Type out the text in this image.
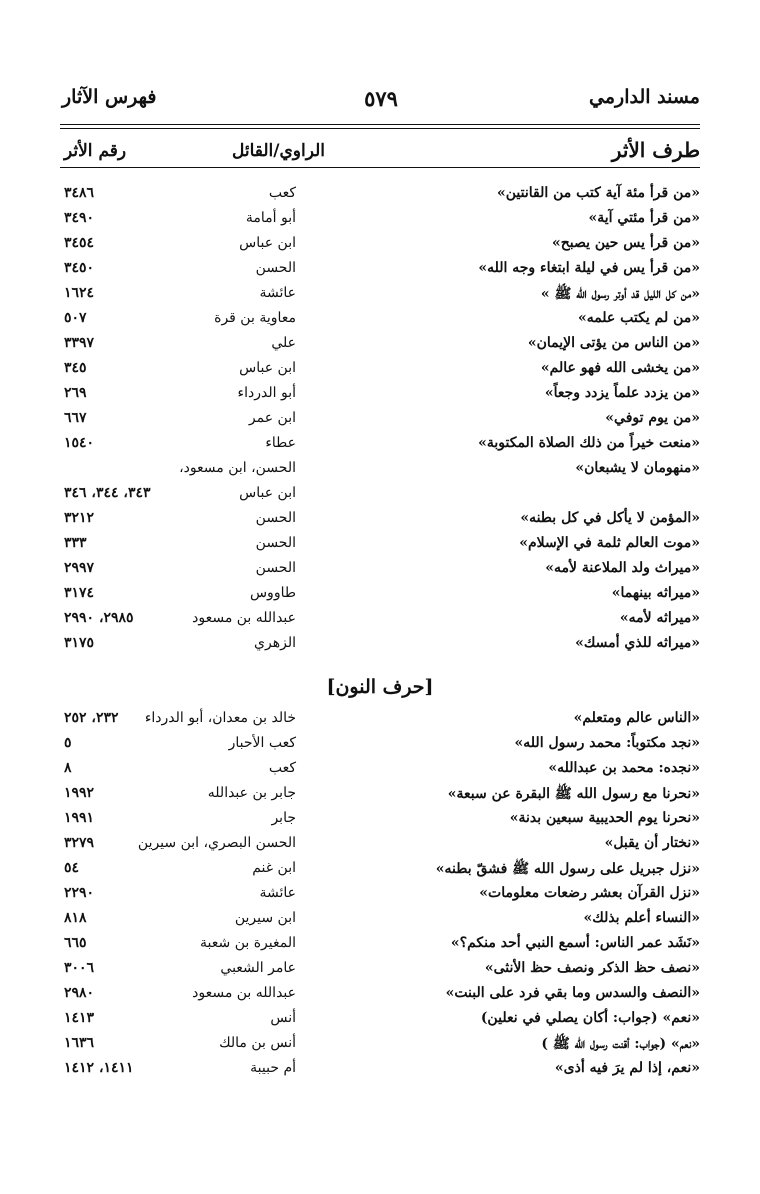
مسند الدارمي
٥٧٩
فهرس الآثار
طرف الأثر
الراوي/القائل
رقم الأثر
«من قرأ مئة آية كتب من القانتين»
كعب
٣٤٨٦
«من قرأ مئتي آية»
أبو أمامة
٣٤٩٠
«من قرأ يس حين يصبح»
ابن عباس
٣٤٥٤
«من قرأ يس في ليلة ابتغاء وجه الله»
الحسن
٣٤٥٠
«من كل الليل قد أوتر رسول الله ﷺ »
عائشة
١٦٢٤
«من لم يكتب علمه»
معاوية بن قرة
٥٠٧
«من الناس من يؤتى الإيمان»
علي
٣٣٩٧
«من يخشى الله فهو عالم»
ابن عباس
٣٤٥
«من يزدد علماً يزدد وجعاً»
أبو الدرداء
٢٦٩
«من يوم توفي»
ابن عمر
٦٦٧
«منعت خيراً من ذلك الصلاة المكتوبة»
عطاء
١٥٤٠
«منهومان لا يشبعان»
الحسن، ابن مسعود،
ابن عباس
٣٤٣، ٣٤٤، ٣٤٦
«المؤمن لا يأكل في كل بطنه»
الحسن
٣٢١٢
«موت العالم ثلمة في الإسلام»
الحسن
٣٣٣
«ميراث ولد الملاعنة لأمه»
الحسن
٢٩٩٧
«ميراثه بينهما»
طاووس
٣١٧٤
«ميراثه لأمه»
عبدالله بن مسعود
٢٩٨٥، ٢٩٩٠
«ميراثه للذي أمسك»
الزهري
٣١٧٥
[حرف النون]
«الناس عالم ومتعلم»
خالد بن معدان، أبو الدرداء
٢٣٢، ٢٥٢
«نجد مكتوباً: محمد رسول الله»
كعب الأحبار
٥
«نجده: محمد بن عبدالله»
كعب
٨
«نحرنا مع رسول الله ﷺ البقرة عن سبعة»
جابر بن عبدالله
١٩٩٢
«نحرنا يوم الحديبية سبعين بدنة»
جابر
١٩٩١
«نختار أن يقبل»
الحسن البصري، ابن سيرين
٣٢٧٩
«نزل جبريل على رسول الله ﷺ فشقّ بطنه»
ابن غنم
٥٤
«نزل القرآن بعشر رضعات معلومات»
عائشة
٢٢٩٠
«النساء أعلم بذلك»
ابن سيرين
٨١٨
«نَشَد عمر الناس: أسمع النبي أحد منكم؟»
المغيرة بن شعبة
٦٦٥
«نصف حظ الذكر ونصف حظ الأنثى»
عامر الشعبي
٣٠٠٦
«النصف والسدس وما بقي فرد على البنت»
عبدالله بن مسعود
٢٩٨٠
«نعم» (جواب: أكان يصلي في نعلين)
أنس
١٤١٣
«نعم» (جواب: أقنت رسول الله ﷺ )
أنس بن مالك
١٦٣٦
«نعم، إذا لم يرَ فيه أذى»
أم حبيبة
١٤١١، ١٤١٢
